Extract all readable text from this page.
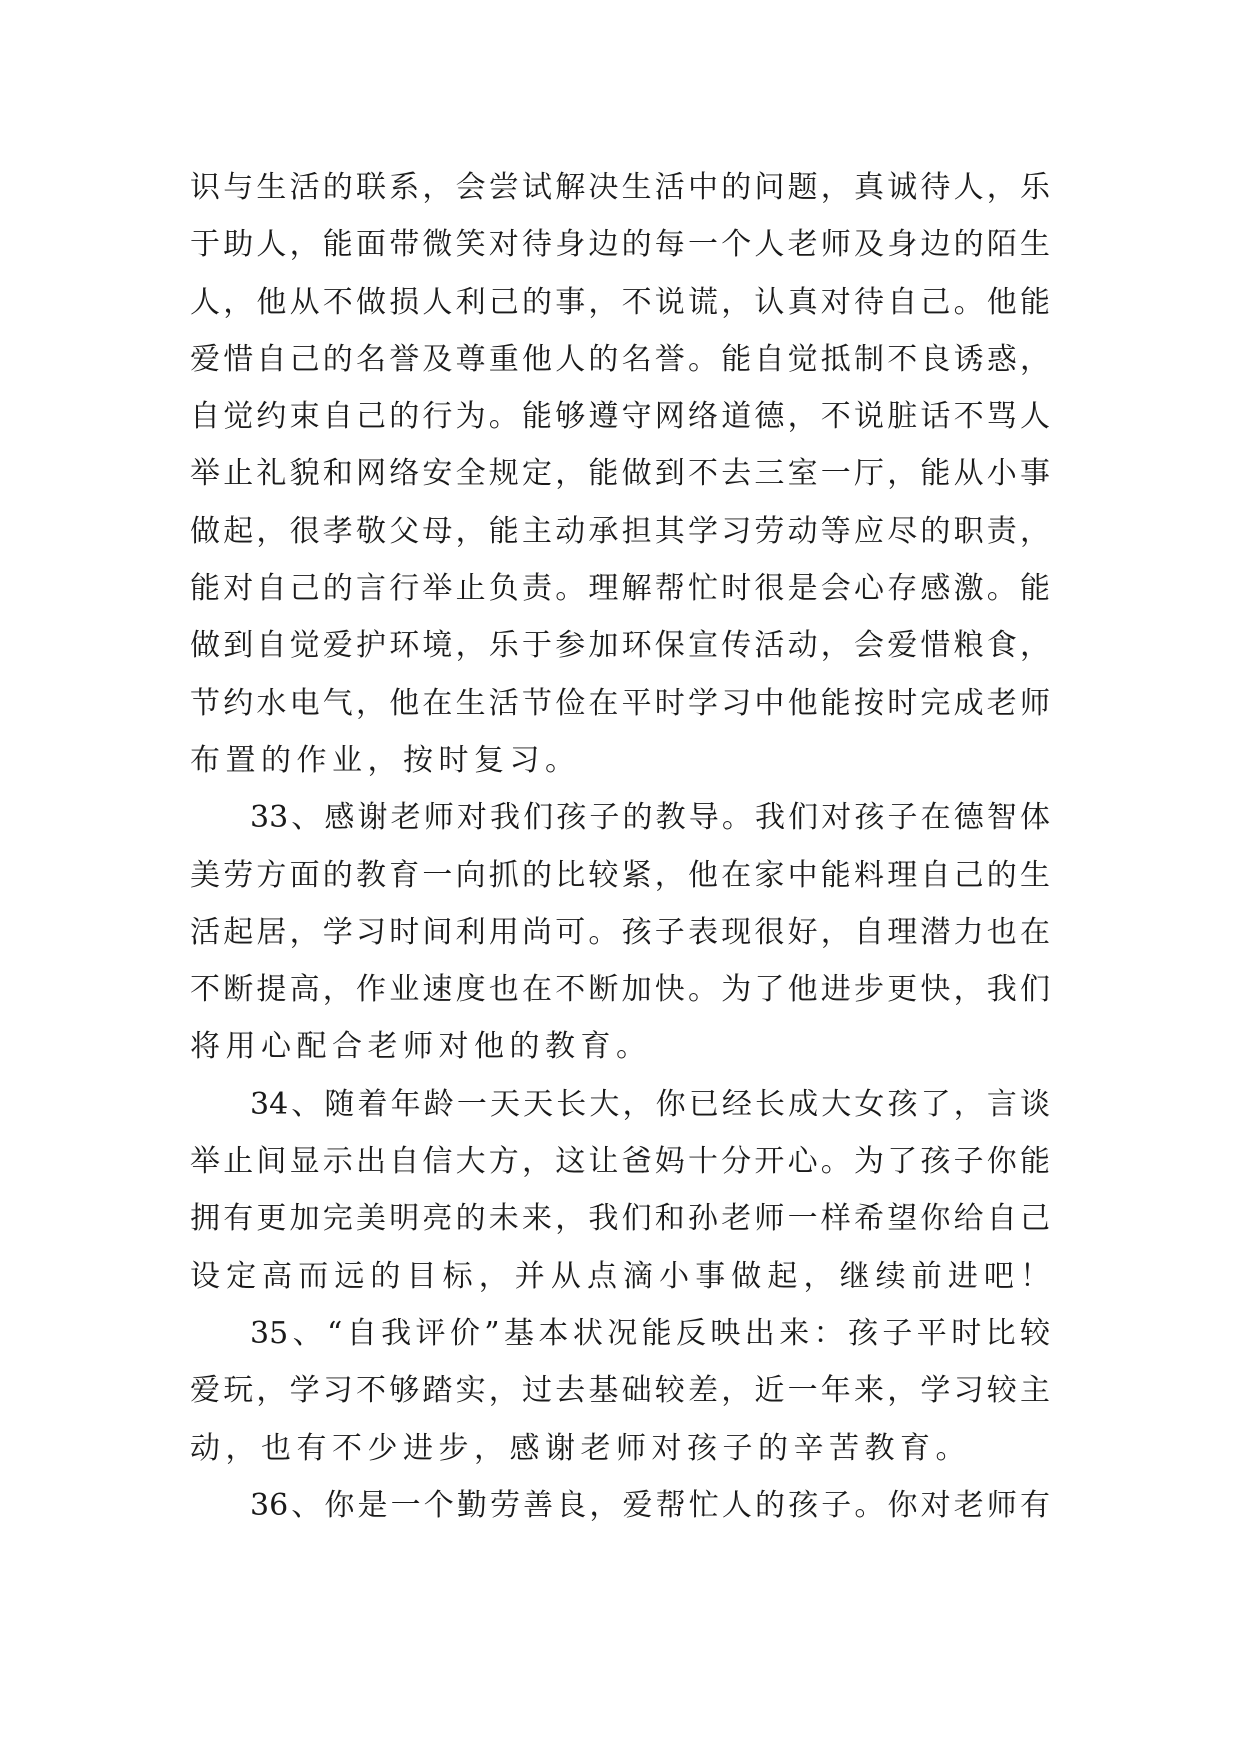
识与生活的联系，会尝试解决生活中的问题，真诚待人，乐
于助人，能面带微笑对待身边的每一个人老师及身边的陌生
人，他从不做损人利己的事，不说谎，认真对待自己。他能
爱惜自己的名誉及尊重他人的名誉。能自觉抵制不良诱惑，
自觉约束自己的行为。能够遵守网络道德，不说脏话不骂人
举止礼貌和网络安全规定，能做到不去三室一厅，能从小事
做起，很孝敬父母，能主动承担其学习劳动等应尽的职责，
能对自己的言行举止负责。理解帮忙时很是会心存感激。能
做到自觉爱护环境，乐于参加环保宣传活动，会爱惜粮食，
节约水电气，他在生活节俭在平时学习中他能按时完成老师
布置的作业，按时复习。
33、感谢老师对我们孩子的教导。我们对孩子在德智体
美劳方面的教育一向抓的比较紧，他在家中能料理自己的生
活起居，学习时间利用尚可。孩子表现很好，自理潜力也在
不断提高，作业速度也在不断加快。为了他进步更快，我们
将用心配合老师对他的教育。
34、随着年龄一天天长大，你已经长成大女孩了，言谈
举止间显示出自信大方，这让爸妈十分开心。为了孩子你能
拥有更加完美明亮的未来，我们和孙老师一样希望你给自己
设定高而远的目标，并从点滴小事做起，继续前进吧！
35、“自我评价”基本状况能反映出来：孩子平时比较
爱玩，学习不够踏实，过去基础较差，近一年来，学习较主
动，也有不少进步，感谢老师对孩子的辛苦教育。
36、你是一个勤劳善良，爱帮忙人的孩子。你对老师有
